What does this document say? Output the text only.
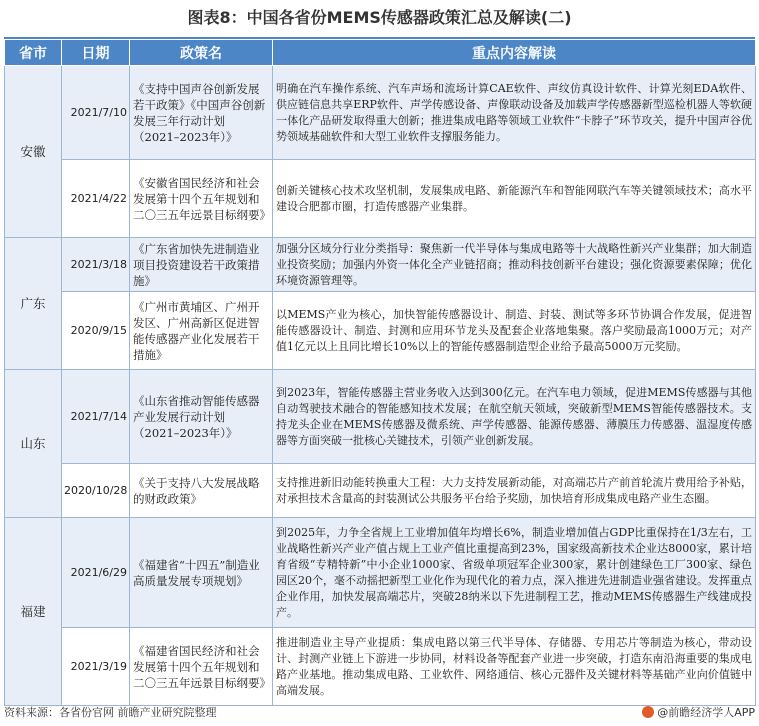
图表8：中国各省份MEMS传感器政策汇总及解读(二)
省市	日期	政策名	重点内容解读
安徽	2021/7/10	《支持中国声谷创新发展若干政策》《中国声谷创新发展三年行动计划（2021–2023年）》	明确在汽车操作系统、汽车声场和流场计算CAE软件、声纹仿真设计软件、计算光刻EDA软件、供应链信息共享ERP软件、声学传感设备、声像联动设备及加载声学传感器新型巡检机器人等软硬一体化产品研发取得重大创新；推进集成电路等领域工业软件“卡脖子”环节攻关，提升中国声谷优势领域基础软件和大型工业软件支撑服务能力。
	2021/4/22	《安徽省国民经济和社会发展第十四个五年规划和二〇三五年远景目标纲要》	创新关键核心技术攻坚机制，发展集成电路、新能源汽车和智能网联汽车等关键领域技术；高水平建设合肥都市圈，打造传感器产业集群。
广东	2021/3/18	《广东省加快先进制造业项目投资建设若干政策措施》	加强分区域分行业分类指导：聚焦新一代半导体与集成电路等十大战略性新兴产业集群；加大制造业投资奖励；加强内外资一体化全产业链招商；推动科技创新平台建设；强化资源要素保障；优化环境资源管理等。
	2020/9/15	《广州市黄埔区、广州开发区、广州高新区促进智能传感器产业化发展若干措施》	以MEMS产业为核心，加快智能传感器设计、制造、封装、测试等多环节协调合作发展，促进智能传感器设计、制造、封测和应用环节龙头及配套企业落地集聚。落户奖励最高1000万元；对产值1亿元以上且同比增长10%以上的智能传感器制造型企业给予最高5000万元奖励。
山东	2021/7/14	《山东省推动智能传感器产业发展行动计划（2021–2023年）》	到2023年，智能传感器主营业务收入达到300亿元。在汽车电力领域，促进MEMS传感器与其他自动驾驶技术融合的智能感知技术发展；在航空航天领域，突破新型MEMS智能传感器技术。支持龙头企业在MEMS传感器及微系统、声学传感器、能源传感器、薄膜压力传感器、温湿度传感器等方面突破一批核心关键技术，引领产业创新发展。
	2020/10/28	《关于支持八大发展战略的财政政策》	支持推进新旧动能转换重大工程：大力支持发展新动能，对高端芯片产前首轮流片费用给予补贴，对承担技术含量高的封装测试公共服务平台给予奖励，加快培育形成集成电路产业生态圈。
福建	2021/6/29	《福建省“十四五”制造业高质量发展专项规划》	到2025年，力争全省规上工业增加值年均增长6%，制造业增加值占GDP比重保持在1/3左右，工业战略性新兴产业产值占规上工业产值比重提高到23%，国家级高新技术企业达8000家，累计培育省级“专精特新”中小企业1000家、省级单项冠军企业300家，累计创建绿色工厂300家、绿色园区20个，毫不动摇把新型工业化作为现代化的着力点，深入推进先进制造业强省建设。发挥重点企业作用，加快发展高端芯片，突破28纳米以下先进制程工艺，推动MEMS传感器生产线建成投产。
	2021/3/19	《福建省国民经济和社会发展第十四个五年规划和二〇三五年远景目标纲要》	推进制造业主导产业提质：集成电路以第三代半导体、存储器、专用芯片等制造为核心，带动设计、封测产业链上下游进一步协同，材料设备等配套产业进一步突破，打造东南沿海重要的集成电路产业基地。推动集成电路、工业软件、网络通信、核心元器件及关键材料等基础产业向价值链中高端发展。
资料来源：各省份官网 前瞻产业研究院整理	@前瞻经济学人APP
